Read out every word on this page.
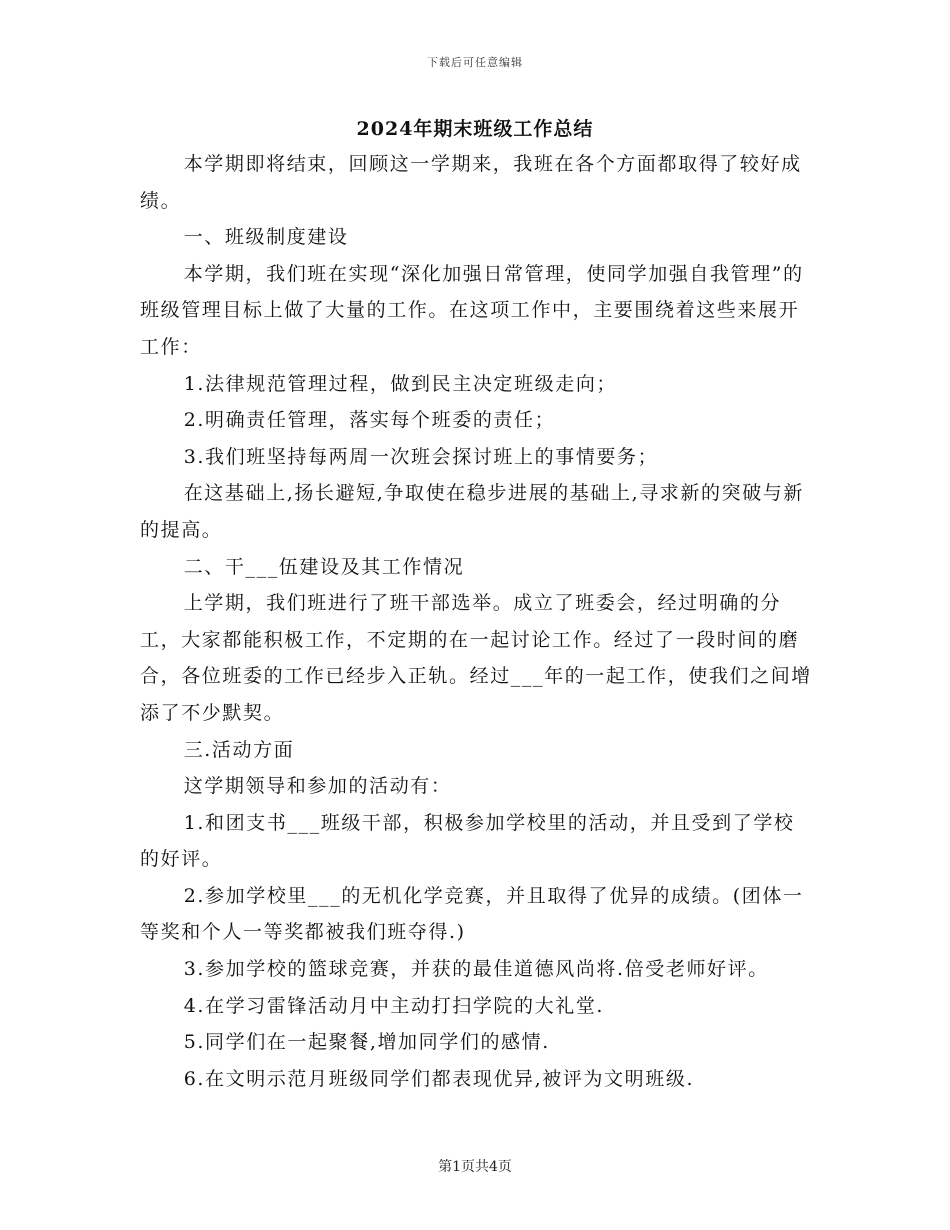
下载后可任意编辑
2024年期末班级工作总结

本学期即将结束，回顾这一学期来，我班在各个方面都取得了较好成绩。

一、班级制度建设

本学期，我们班在实现“深化加强日常管理，使同学加强自我管理”的班级管理目标上做了大量的工作。在这项工作中，主要围绕着这些来展开工作：

1.法律规范管理过程，做到民主决定班级走向；

2.明确责任管理，落实每个班委的责任；

3.我们班坚持每两周一次班会探讨班上的事情要务；

在这基础上,扬长避短,争取使在稳步进展的基础上,寻求新的突破与新的提高。

二、干___伍建设及其工作情况

上学期，我们班进行了班干部选举。成立了班委会，经过明确的分工，大家都能积极工作，不定期的在一起讨论工作。经过了一段时间的磨合，各位班委的工作已经步入正轨。经过___年的一起工作，使我们之间增添了不少默契。

三.活动方面

这学期领导和参加的活动有：

1.和团支书___班级干部，积极参加学校里的活动，并且受到了学校的好评。

2.参加学校里___的无机化学竞赛，并且取得了优异的成绩。(团体一等奖和个人一等奖都被我们班夺得.)

3.参加学校的篮球竞赛，并获的最佳道德风尚将.倍受老师好评。

4.在学习雷锋活动月中主动打扫学院的大礼堂.

5.同学们在一起聚餐,增加同学们的感情.

6.在文明示范月班级同学们都表现优异,被评为文明班级.

第1页共4页
